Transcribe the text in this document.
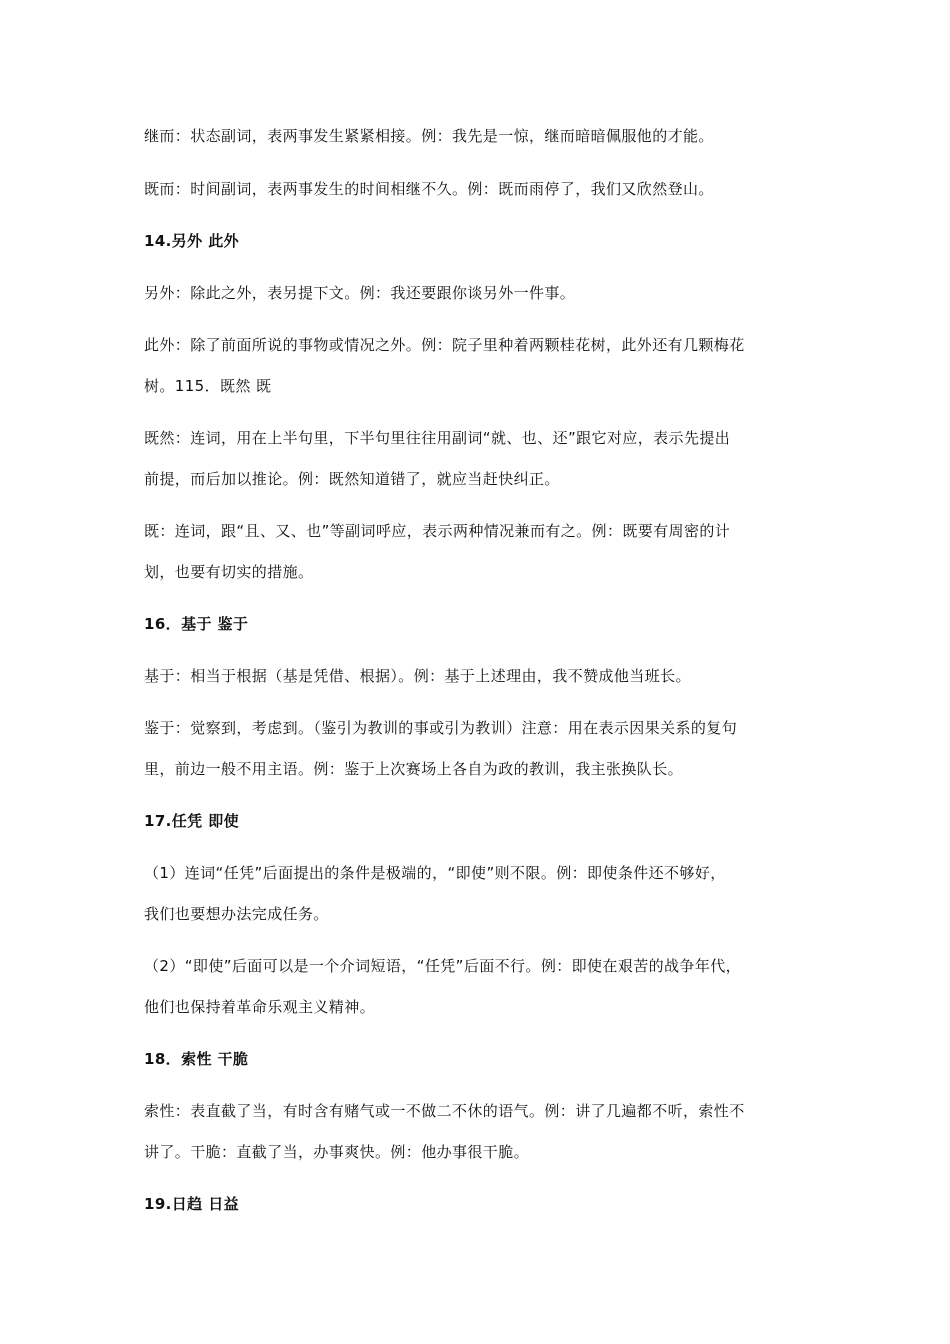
继而：状态副词，表两事发生紧紧相接。例：我先是一惊，继而暗暗佩服他的才能。
既而：时间副词，表两事发生的时间相继不久。例：既而雨停了，我们又欣然登山。
14.另外 此外
另外：除此之外，表另提下文。例：我还要跟你谈另外一件事。
此外：除了前面所说的事物或情况之外。例：院子里种着两颗桂花树，此外还有几颗梅花
树。115．既然 既
既然：连词，用在上半句里，下半句里往往用副词“就、也、还”跟它对应，表示先提出
前提，而后加以推论。例：既然知道错了，就应当赶快纠正。
既：连词，跟“且、又、也”等副词呼应，表示两种情况兼而有之。例：既要有周密的计
划，也要有切实的措施。
16．基于 鉴于
基于：相当于根据（基是凭借、根据）。例：基于上述理由，我不赞成他当班长。
鉴于：觉察到，考虑到。（鉴引为教训的事或引为教训）注意：用在表示因果关系的复句
里，前边一般不用主语。例：鉴于上次赛场上各自为政的教训，我主张换队长。
17.任凭 即使
（1）连词“任凭”后面提出的条件是极端的，“即使”则不限。例：即使条件还不够好，
我们也要想办法完成任务。
（2）“即使”后面可以是一个介词短语，“任凭”后面不行。例：即使在艰苦的战争年代，
他们也保持着革命乐观主义精神。
18．索性 干脆
索性：表直截了当，有时含有赌气或一不做二不休的语气。例：讲了几遍都不听，索性不
讲了。干脆：直截了当，办事爽快。例：他办事很干脆。
19.日趋 日益
